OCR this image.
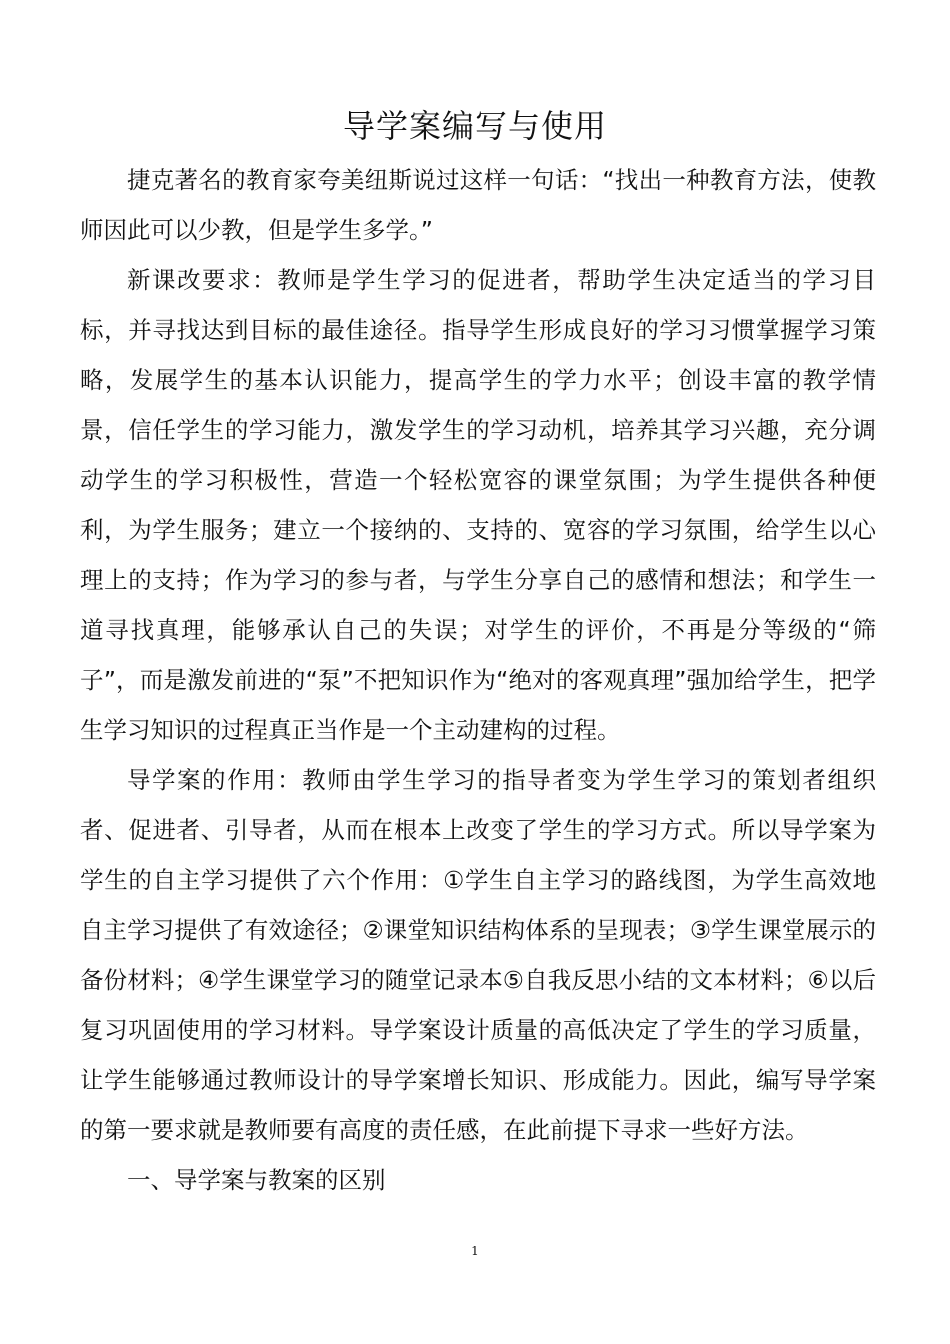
导学案编写与使用

捷克著名的教育家夸美纽斯说过这样一句话：“找出一种教育方法，使教师因此可以少教，但是学生多学。”

新课改要求：教师是学生学习的促进者，帮助学生决定适当的学习目标，并寻找达到目标的最佳途径。指导学生形成良好的学习习惯掌握学习策略，发展学生的基本认识能力，提高学生的学力水平；创设丰富的教学情景，信任学生的学习能力，激发学生的学习动机，培养其学习兴趣，充分调动学生的学习积极性，营造一个轻松宽容的课堂氛围；为学生提供各种便利，为学生服务；建立一个接纳的、支持的、宽容的学习氛围，给学生以心理上的支持；作为学习的参与者，与学生分享自己的感情和想法；和学生一道寻找真理，能够承认自己的失误；对学生的评价，不再是分等级的“筛子”，而是激发前进的“泵”不把知识作为“绝对的客观真理”强加给学生，把学生学习知识的过程真正当作是一个主动建构的过程。

导学案的作用：教师由学生学习的指导者变为学生学习的策划者组织者、促进者、引导者，从而在根本上改变了学生的学习方式。所以导学案为学生的自主学习提供了六个作用：①学生自主学习的路线图，为学生高效地自主学习提供了有效途径；②课堂知识结构体系的呈现表；③学生课堂展示的备份材料；④学生课堂学习的随堂记录本⑤自我反思小结的文本材料；⑥以后复习巩固使用的学习材料。导学案设计质量的高低决定了学生的学习质量，让学生能够通过教师设计的导学案增长知识、形成能力。因此，编写导学案的第一要求就是教师要有高度的责任感，在此前提下寻求一些好方法。

一、导学案与教案的区别

1
